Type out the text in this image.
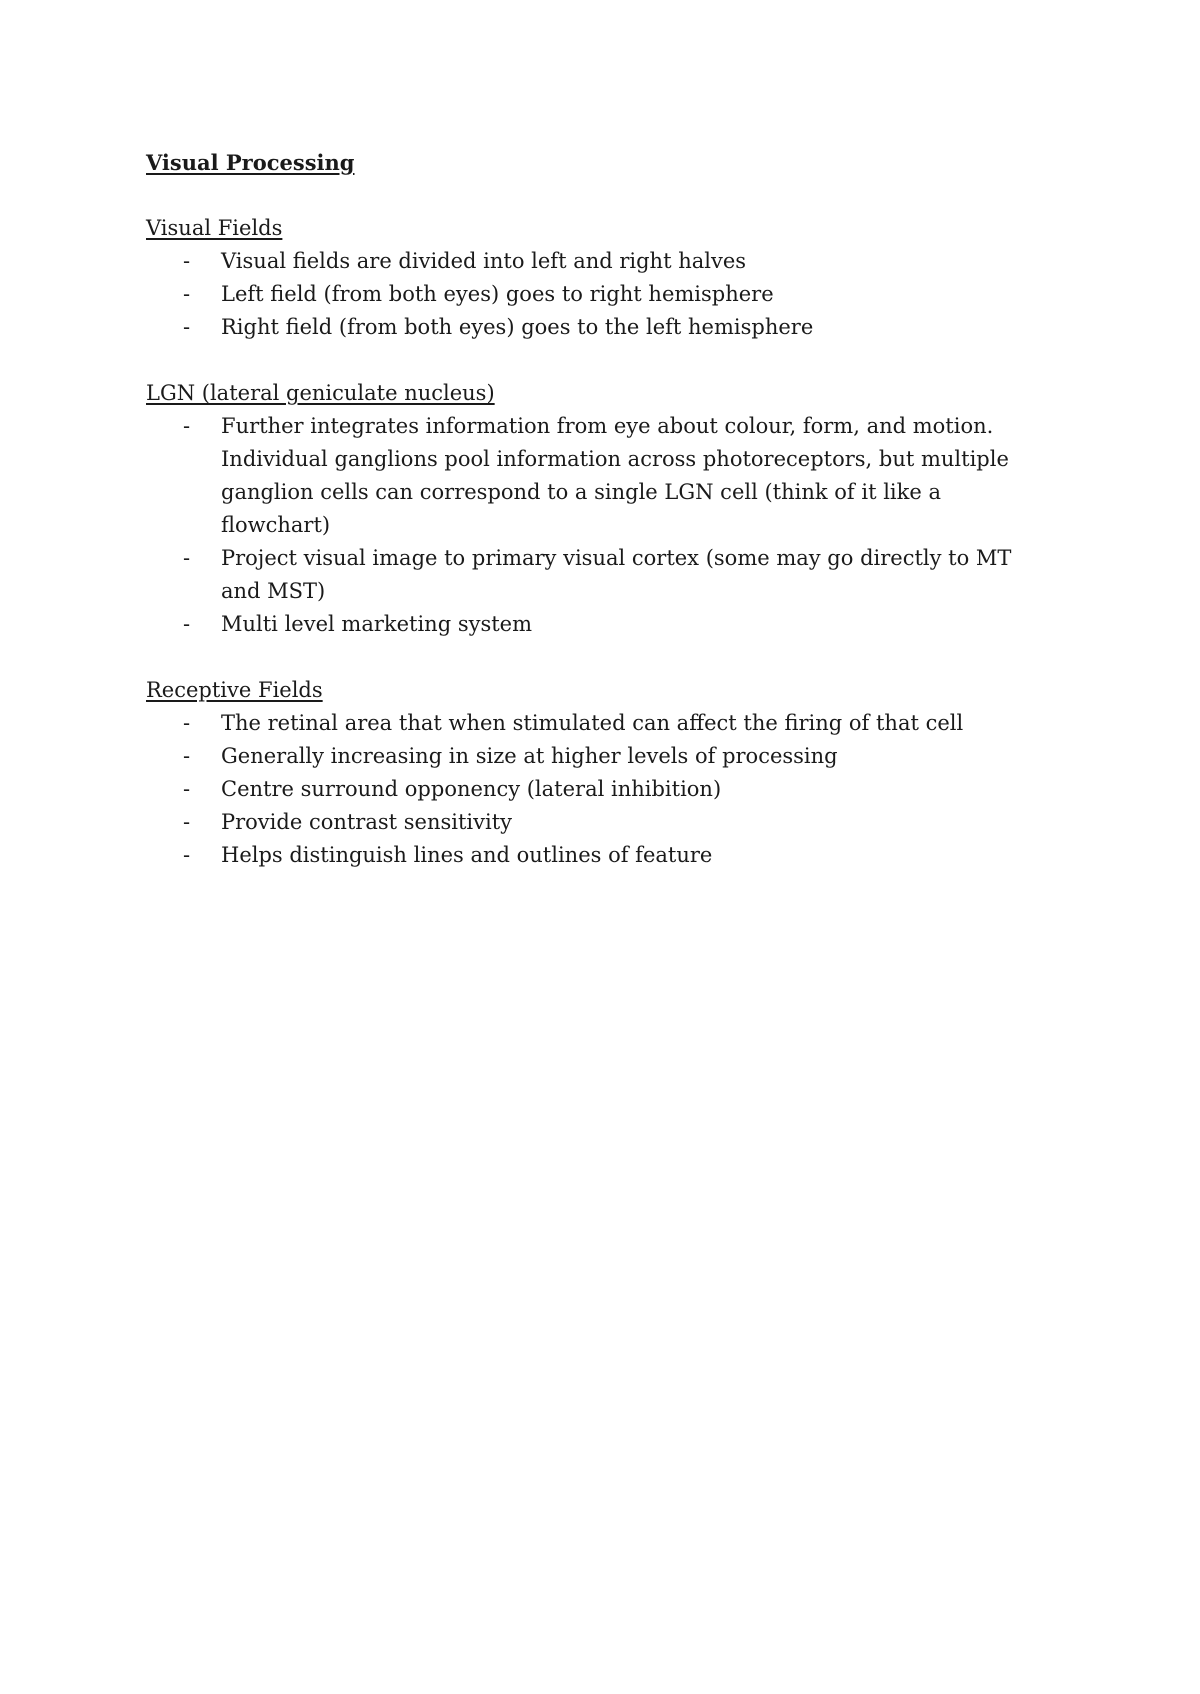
Visual Processing
Visual Fields
-	Visual fields are divided into left and right halves
-	Left field (from both eyes) goes to right hemisphere
-	Right field (from both eyes) goes to the left hemisphere
LGN (lateral geniculate nucleus)
-	Further integrates information from eye about colour, form, and motion. Individual ganglions pool information across photoreceptors, but multiple ganglion cells can correspond to a single LGN cell (think of it like a flowchart)
-	Project visual image to primary visual cortex (some may go directly to MT and MST)
-	Multi level marketing system
Receptive Fields
-	The retinal area that when stimulated can affect the firing of that cell
-	Generally increasing in size at higher levels of processing
-	Centre surround opponency (lateral inhibition)
-	Provide contrast sensitivity
-	Helps distinguish lines and outlines of feature
